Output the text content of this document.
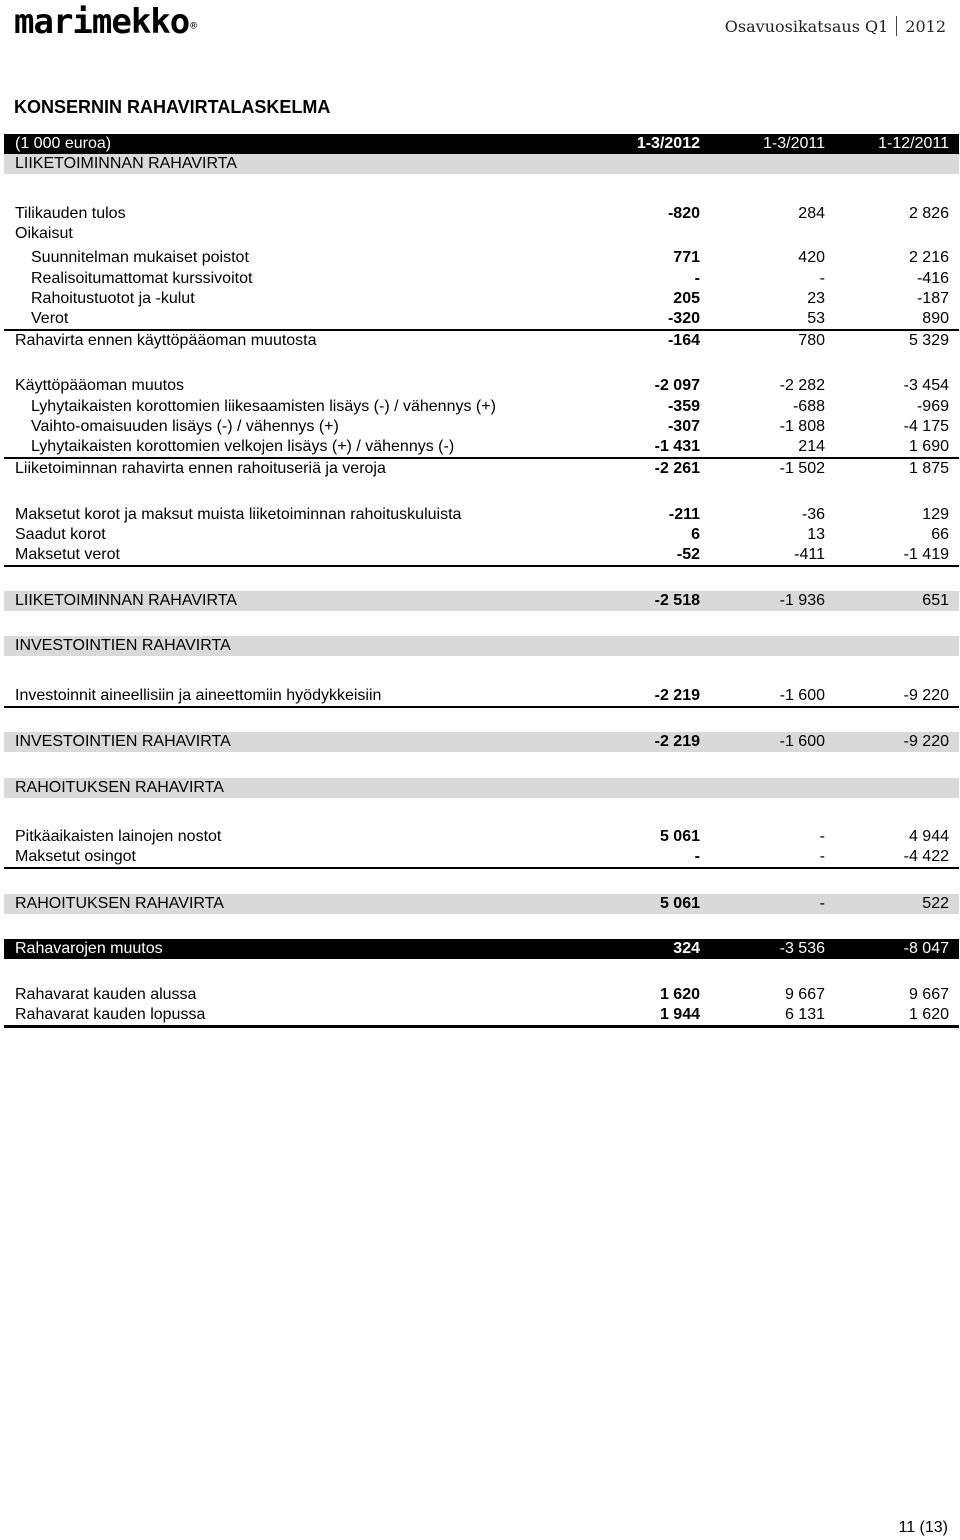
marimekko®	Osavuosikatsaus Q1 2012
KONSERNIN RAHAVIRTALASKELMA
(1 000 euroa)	1-3/2012	1-3/2011	1-12/2011
LIIKETOIMINNAN RAHAVIRTA
Tilikauden tulos	-820	284	2 826
Oikaisut
Suunnitelman mukaiset poistot	771	420	2 216
Realisoitumattomat kurssivoitot	-	-	-416
Rahoitustuotot ja -kulut	205	23	-187
Verot	-320	53	890
Rahavirta ennen käyttöpääoman muutosta	-164	780	5 329
Käyttöpääoman muutos	-2 097	-2 282	-3 454
Lyhytaikaisten korottomien liikesaamisten lisäys (-) / vähennys (+)	-359	-688	-969
Vaihto-omaisuuden lisäys (-) / vähennys (+)	-307	-1 808	-4 175
Lyhytaikaisten korottomien velkojen lisäys (+) / vähennys (-)	-1 431	214	1 690
Liiketoiminnan rahavirta ennen rahoituseriä ja veroja	-2 261	-1 502	1 875
Maksetut korot ja maksut muista liiketoiminnan rahoituskuluista	-211	-36	129
Saadut korot	6	13	66
Maksetut verot	-52	-411	-1 419
LIIKETOIMINNAN RAHAVIRTA	-2 518	-1 936	651
INVESTOINTIEN RAHAVIRTA
Investoinnit aineellisiin ja aineettomiin hyödykkeisiin	-2 219	-1 600	-9 220
INVESTOINTIEN RAHAVIRTA	-2 219	-1 600	-9 220
RAHOITUKSEN RAHAVIRTA
Pitkäaikaisten lainojen nostot	5 061	-	4 944
Maksetut osingot	-	-	-4 422
RAHOITUKSEN RAHAVIRTA	5 061	-	522
Rahavarojen muutos	324	-3 536	-8 047
Rahavarat kauden alussa	1 620	9 667	9 667
Rahavarat kauden lopussa	1 944	6 131	1 620
11 (13)
